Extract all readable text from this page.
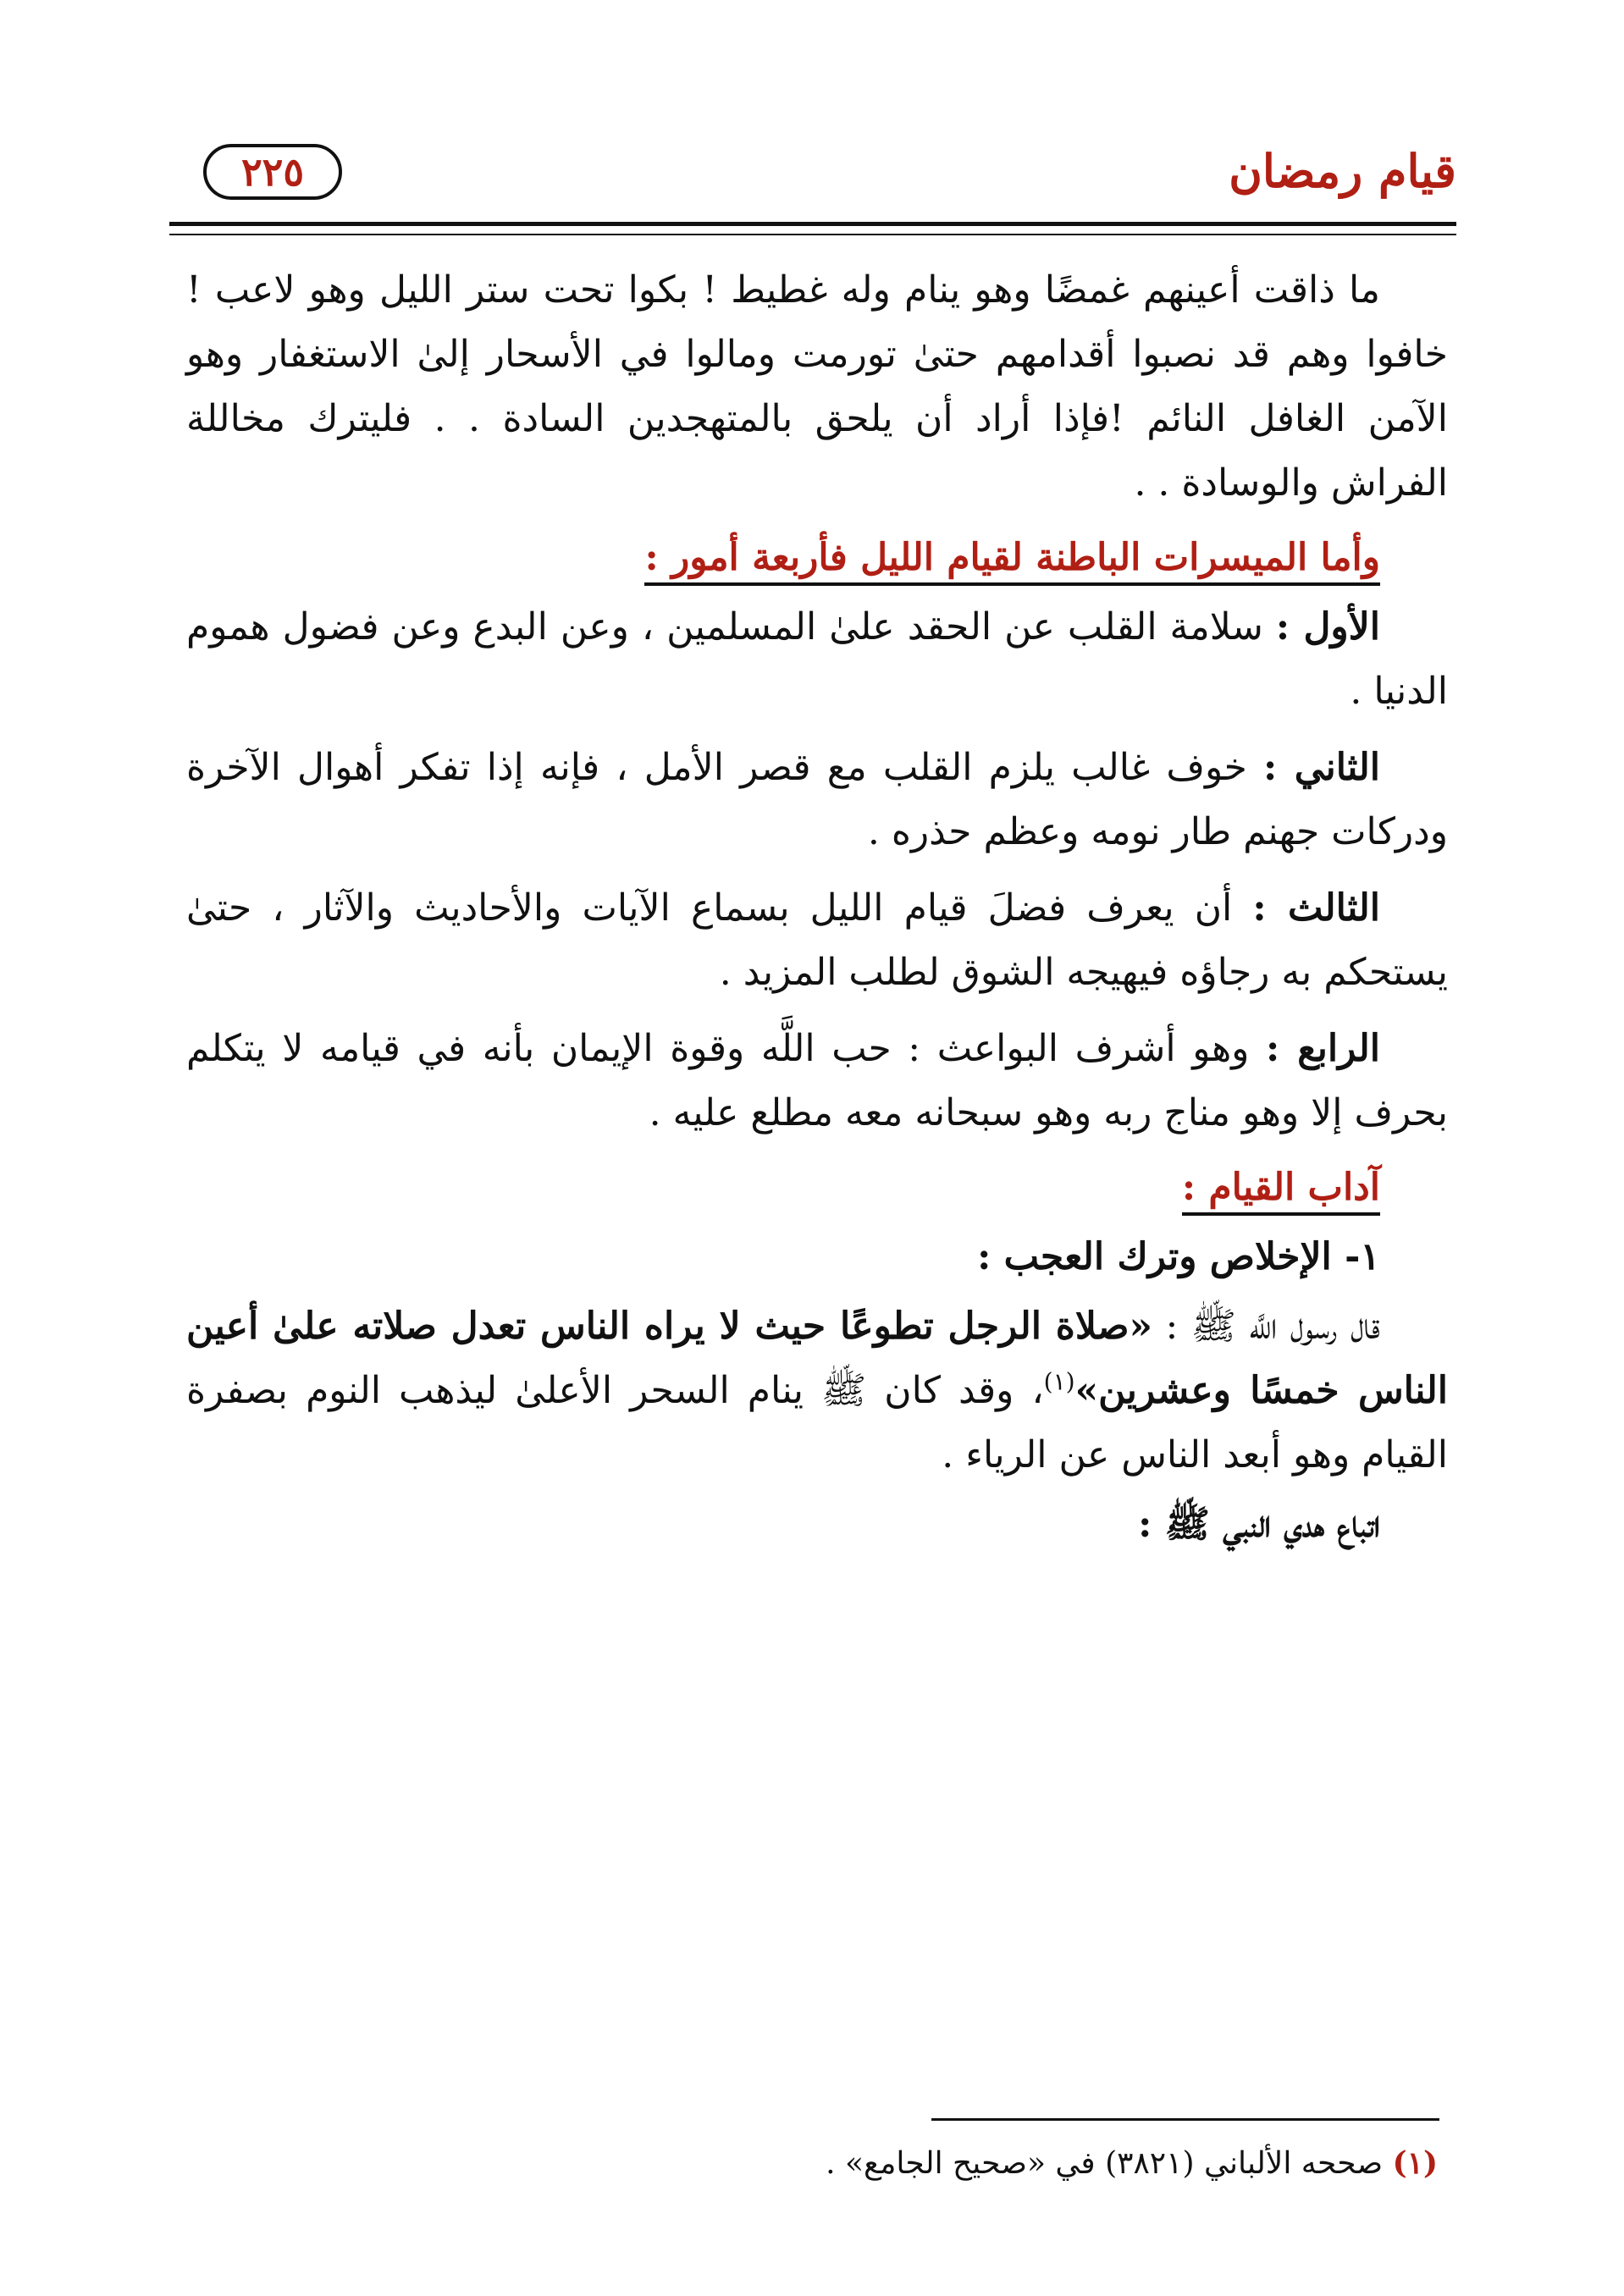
قيام رمضان
٢٢٥

ما ذاقت أعينهم غمضًا وهو ينام وله غطيط ! بكوا تحت ستر الليل وهو لاعب ! خافوا وهم قد نصبوا أقدامهم حتىٰ تورمت ومالوا في الأسحار إلىٰ الاستغفار وهو الآمن الغافل النائم !فإذا أراد أن يلحق بالمتهجدين السادة . . فليترك مخاللة الفراش والوسادة . .

وأما الميسرات الباطنة لقيام الليل فأربعة أمور :

الأول : سلامة القلب عن الحقد علىٰ المسلمين ، وعن البدع وعن فضول هموم الدنيا .

الثاني : خوف غالب يلزم القلب مع قصر الأمل ، فإنه إذا تفكر أهوال الآخرة ودركات جهنم طار نومه وعظم حذره .

الثالث : أن يعرف فضلَ قيام الليل بسماع الآيات والأحاديث والآثار ، حتىٰ يستحكم به رجاؤه فيهيجه الشوق لطلب المزيد .

الرابع : وهو أشرف البواعث : حب اللَّه وقوة الإيمان بأنه في قيامه لا يتكلم بحرف إلا وهو مناج ربه وهو سبحانه معه مطلع عليه .

آداب القيام :
١- الإخلاص وترك العجب :

قال رسول اللَّه ﷺ : «صلاة الرجل تطوعًا حيث لا يراه الناس تعدل صلاته علىٰ أعين الناس خمسًا وعشرين»$^{(١)}$، وقد كان ﷺ ينام السحر الأعلىٰ ليذهب النوم بصفرة القيام وهو أبعد الناس عن الرياء .

اتباع هدي النبي ﷺ :
(١) صححه الألباني (٣٨٢١) في «صحيح الجامع» .
